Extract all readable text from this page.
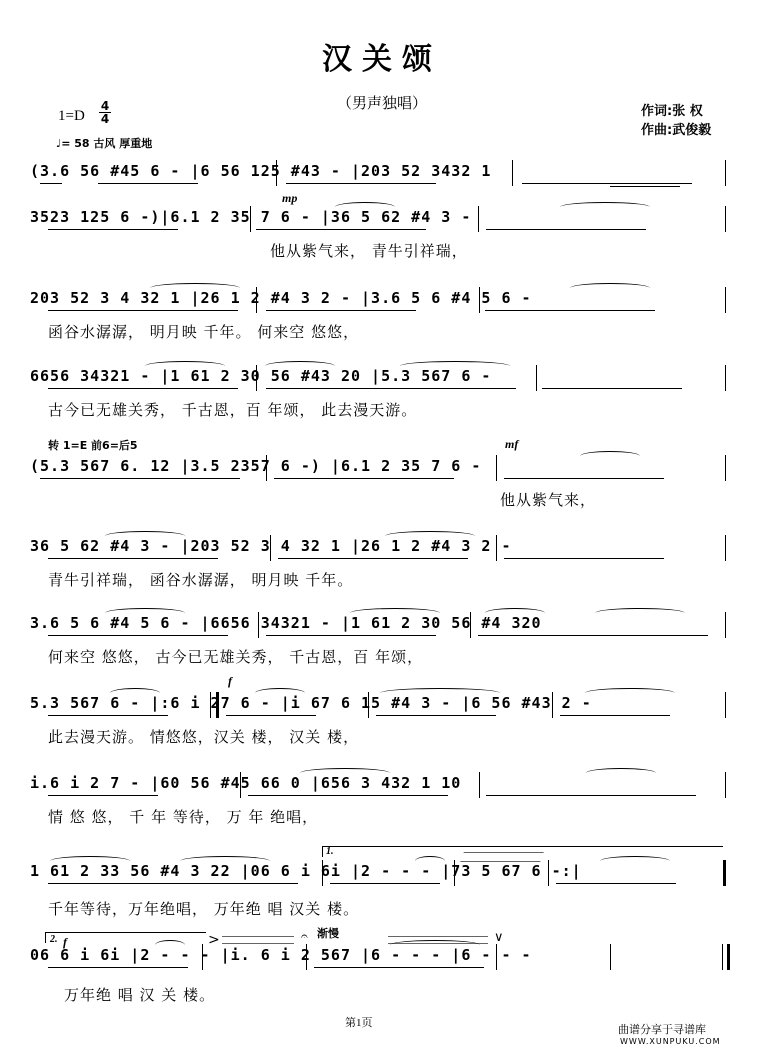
汉关颂
（男声独唱）	作词:张 权
作曲:武俊毅
1=D
4
4
♩= 58 古风 厚重地
mp
转 1=E 前6=后5	mf
f
f
1.
2.	>	𝄐 渐慢	∨
(3.6 56 #45 6 - |6 56 125 #43 - |203 52 3432 1
3523 125 6 -)|6.1 2 35 7 6 - |36 5 62 #4 3 -
他从紫气来， 青牛引祥瑞，
203 52 3 4 32 1 |26 1 2 #4 3 2 - |3.6 5 6 #4 5 6 -
函谷水潺潺， 明月映 千年。 何来空 悠悠，
6656 34321 - |1 61 2 30 56 #43 20 |5.3 567 6 -
古今已无雄关秀， 千古恩，百 年颂， 此去漫天游。
(5.3 567 6. 12 |3.5 2357 6 -) |6.1 2 35 7 6 -
他从紫气来，
36 5 62 #4 3 - |203 52 3 4 32 1 |26 1 2 #4 3 2 -
青牛引祥瑞， 函谷水潺潺， 明月映 千年。
3.6 5 6 #4 5 6 - |6656 34321 - |1 61 2 30 56 #4 320
何来空 悠悠， 古今已无雄关秀， 千古恩，百 年颂，
5.3 567 6 - |:6 i 27 6 - |i 67 6 15 #4 3 - |6 56 #43 2 -
此去漫天游。 情悠悠，汉关 楼， 汉关 楼，
i.6 i 2 7 - |60 56 #45 66 0 |656 3 432 1 10
情 悠 悠， 千 年 等待， 万 年 绝唱，
1 61 2 33 56 #4 3 22 |06 6 i 6i |2 - - - |73 5 67 6 -:|
千年等待，万年绝唱， 万年绝 唱 汉关 楼。
06 6 i 6i |2 - - - |i. 6 i 2 567 |6 - - - |6 - - -
万年绝 唱 汉 关 楼。
第1页	曲谱分享于寻谱库
WWW.XUNPUKU.COM
